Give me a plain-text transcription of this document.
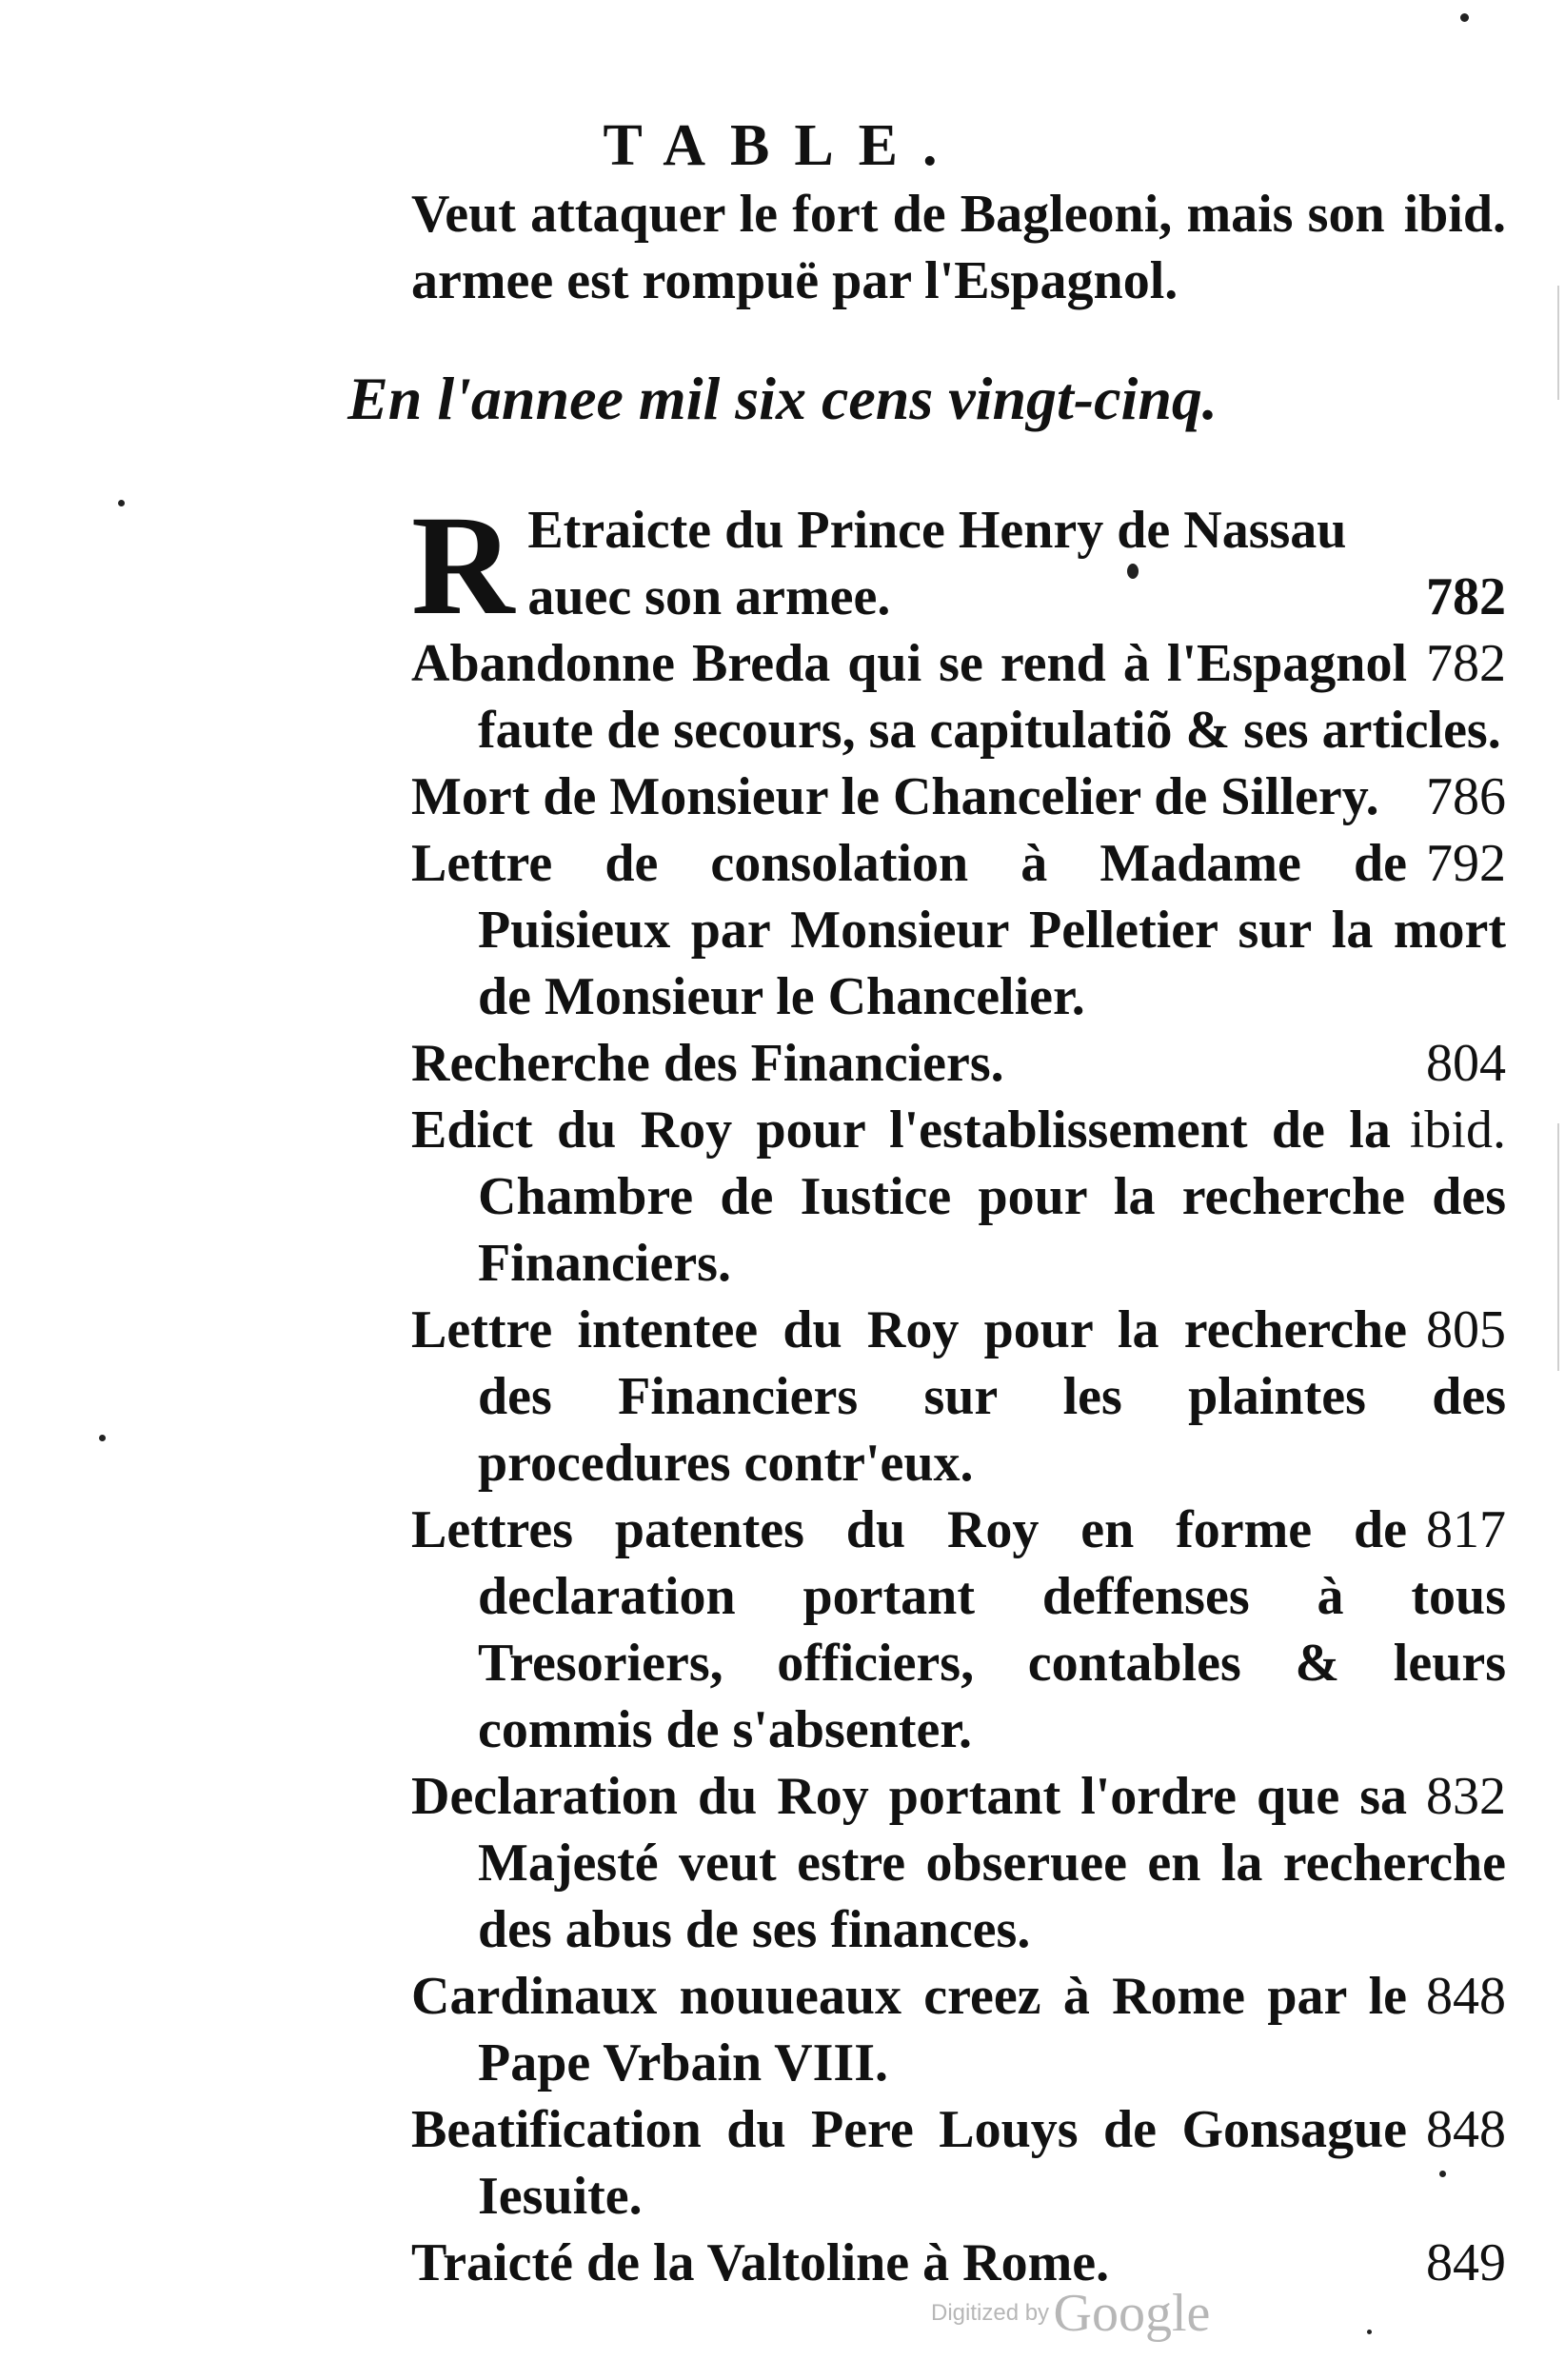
TABLE.

ibid.
Veut attaquer le fort de Bagleoni, mais son armee est rompuë par l'Espagnol.

En l'annee mil six cens vingt-cinq.
R	782
Etraicte du Prince Henry de Nassau auec son armee.

782
Abandonne Breda qui se rend à l'Espagnol faute de secours, sa capitulatiõ & ses articles.

786
Mort de Monsieur le Chancelier de Sillery.

792
Lettre de consolation à Madame de Puisieux par Monsieur Pelletier sur la mort de Monsieur le Chancelier.

804
Recherche des Financiers.

ibid.
Edict du Roy pour l'establissement de la Chambre de Iustice pour la recherche des Financiers.

805
Lettre intentee du Roy pour la recherche des Financiers sur les plaintes des procedures contr'eux.

817
Lettres patentes du Roy en forme de declaration portant deffenses à tous Tresoriers, officiers, contables & leurs commis de s'absenter.

832
Declaration du Roy portant l'ordre que sa Majesté veut estre obseruee en la recherche des abus de ses finances.

848
Cardinaux nouueaux creez à Rome par le Pape Vrbain VIII.

848
Beatification du Pere Louys de Gonsague Iesuite.

849
Traicté de la Valtoline à Rome.

Digitized by Google
